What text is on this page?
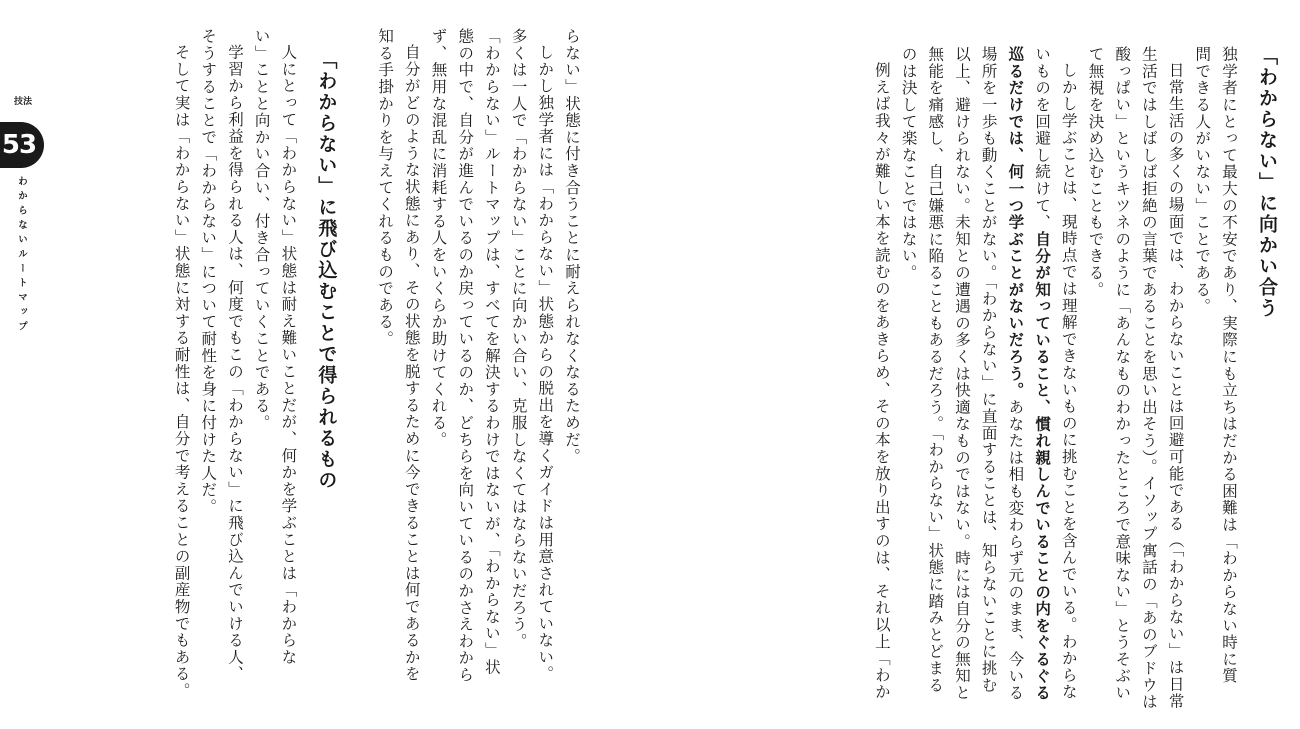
技法
53
わからないルートマップ	「わからない」に向かい合う
独学者にとって最大の不安であり、実際にも立ちはだかる困難は「わからない時に質
問できる人がいない」ことである。
日常生活の多くの場面では、わからないことは回避可能である（「わからない」は日常
生活ではしばしば拒絶の言葉であることを思い出そう）。イソップ寓話の「あのブドウは
酸っぱい」というキツネのように「あんなものわかったところで意味ない」とうそぶい
て無視を決め込むこともできる。
しかし学ぶことは、現時点では理解できないものに挑むことを含んでいる。わからな
いものを回避し続けて、自分が知っていること、慣れ親しんでいることの内をぐるぐる
巡るだけでは、何一つ学ぶことがないだろう。あなたは相も変わらず元のまま、今いる
場所を一歩も動くことがない。「わからない」に直面することは、知らないことに挑む
以上、避けられない。未知との遭遇の多くは快適なものではない。時には自分の無知と
無能を痛感し、自己嫌悪に陥ることもあるだろう。「わからない」状態に踏みとどまる
のは決して楽なことではない。
例えば我々が難しい本を読むのをあきらめ、その本を放り出すのは、それ以上「わか
らない」状態に付き合うことに耐えられなくなるためだ。
しかし独学者には「わからない」状態からの脱出を導くガイドは用意されていない。
多くは一人で「わからない」ことに向かい合い、克服しなくてはならないだろう。
「わからない」ルートマップは、すべてを解決するわけではないが、「わからない」状
態の中で、自分が進んでいるのか戻っているのか、どちらを向いているのかさえわから
ず、無用な混乱に消耗する人をいくらか助けてくれる。
自分がどのような状態にあり、その状態を脱するために今できることは何であるかを
知る手掛かりを与えてくれるものである。
「わからない」に飛び込むことで得られるもの
人にとって「わからない」状態は耐え難いことだが、何かを学ぶことは「わからな
い」ことと向かい合い、付き合っていくことである。
学習から利益を得られる人は、何度でもこの「わからない」に飛び込んでいける人、
そうすることで「わからない」について耐性を身に付けた人だ。
そして実は「わからない」状態に対する耐性は、自分で考えることの副産物でもある。
